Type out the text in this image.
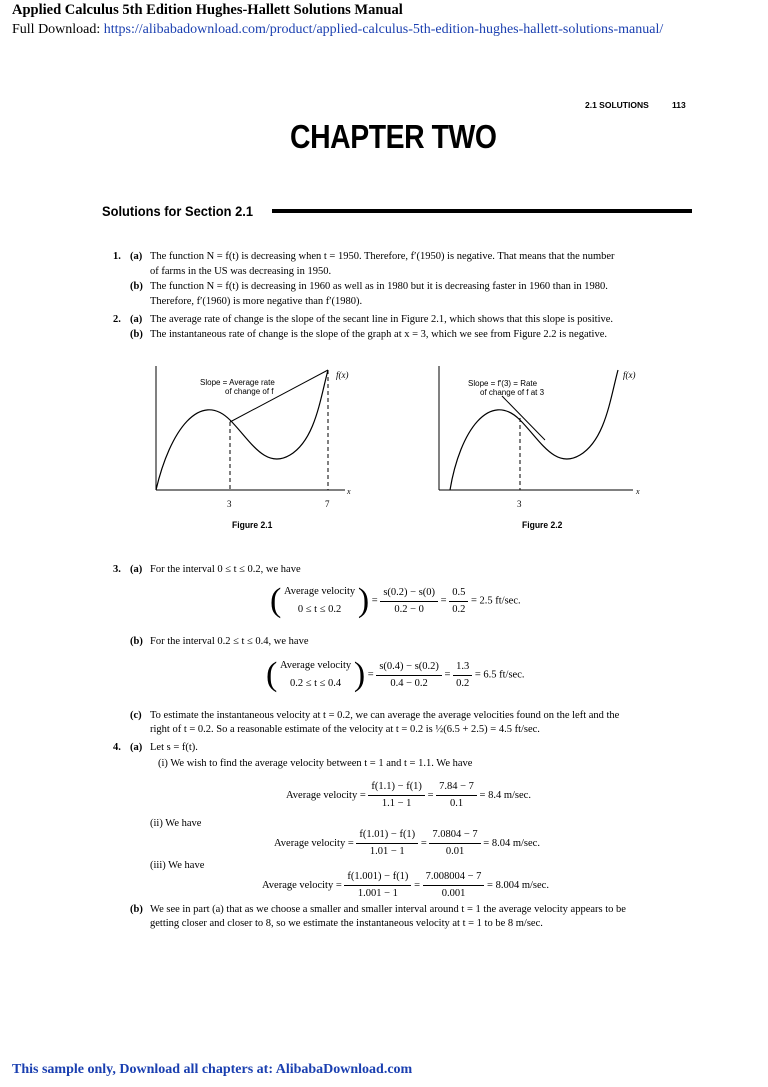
Applied Calculus 5th Edition Hughes-Hallett Solutions Manual
Full Download: https://alibabadownload.com/product/applied-calculus-5th-edition-hughes-hallett-solutions-manual/
2.1 SOLUTIONS	113
CHAPTER TWO
Solutions for Section 2.1
1. (a) The function N = f(t) is decreasing when t = 1950. Therefore, f′(1950) is negative. That means that the number
of farms in the US was decreasing in 1950.
(b) The function N = f(t) is decreasing in 1960 as well as in 1980 but it is decreasing faster in 1960 than in 1980.
Therefore, f′(1960) is more negative than f′(1980).
2. (a) The average rate of change is the slope of the secant line in Figure 2.1, which shows that this slope is positive.
(b) The instantaneous rate of change is the slope of the graph at x = 3, which we see from Figure 2.2 is negative.
Slope = Average rate
of change of f
f(x)
x
3	7
Figure 2.1
Slope = f′(3) = Rate
of change of f at 3
f(x)
x
3
Figure 2.2
3. (a) For the interval 0 ≤ t ≤ 0.2, we have
( Average velocity
0 ≤ t ≤ 0.2 ) = $\frac{s(0.2) - s(0)}{0.2 - 0} = \frac{0.5}{0.2} = 2.5$ ft/sec.
(b) For the interval 0.2 ≤ t ≤ 0.4, we have
( Average velocity
0.2 ≤ t ≤ 0.4 ) = $\frac{s(0.4) - s(0.2)}{0.4 - 0.2} = \frac{1.3}{0.2} = 6.5$ ft/sec.
(c) To estimate the instantaneous velocity at t = 0.2, we can average the average velocities found on the left and the
right of t = 0.2. So a reasonable estimate of the velocity at t = 0.2 is ½(6.5 + 2.5) = 4.5 ft/sec.
4. (a) Let s = f(t).
(i) We wish to find the average velocity between t = 1 and t = 1.1. We have
Average velocity = $\frac{f(1.1) - f(1)}{1.1 - 1} = \frac{7.84 - 7}{0.1} = 8.4$ m/sec.
(ii) We have
Average velocity = $\frac{f(1.01) - f(1)}{1.01 - 1} = \frac{7.0804 - 7}{0.01} = 8.04$ m/sec.
(iii) We have
Average velocity = $\frac{f(1.001) - f(1)}{1.001 - 1} = \frac{7.008004 - 7}{0.001} = 8.004$ m/sec.
(b) We see in part (a) that as we choose a smaller and smaller interval around t = 1 the average velocity appears to be
getting closer and closer to 8, so we estimate the instantaneous velocity at t = 1 to be 8 m/sec.
This sample only, Download all chapters at: AlibabaDownload.com
